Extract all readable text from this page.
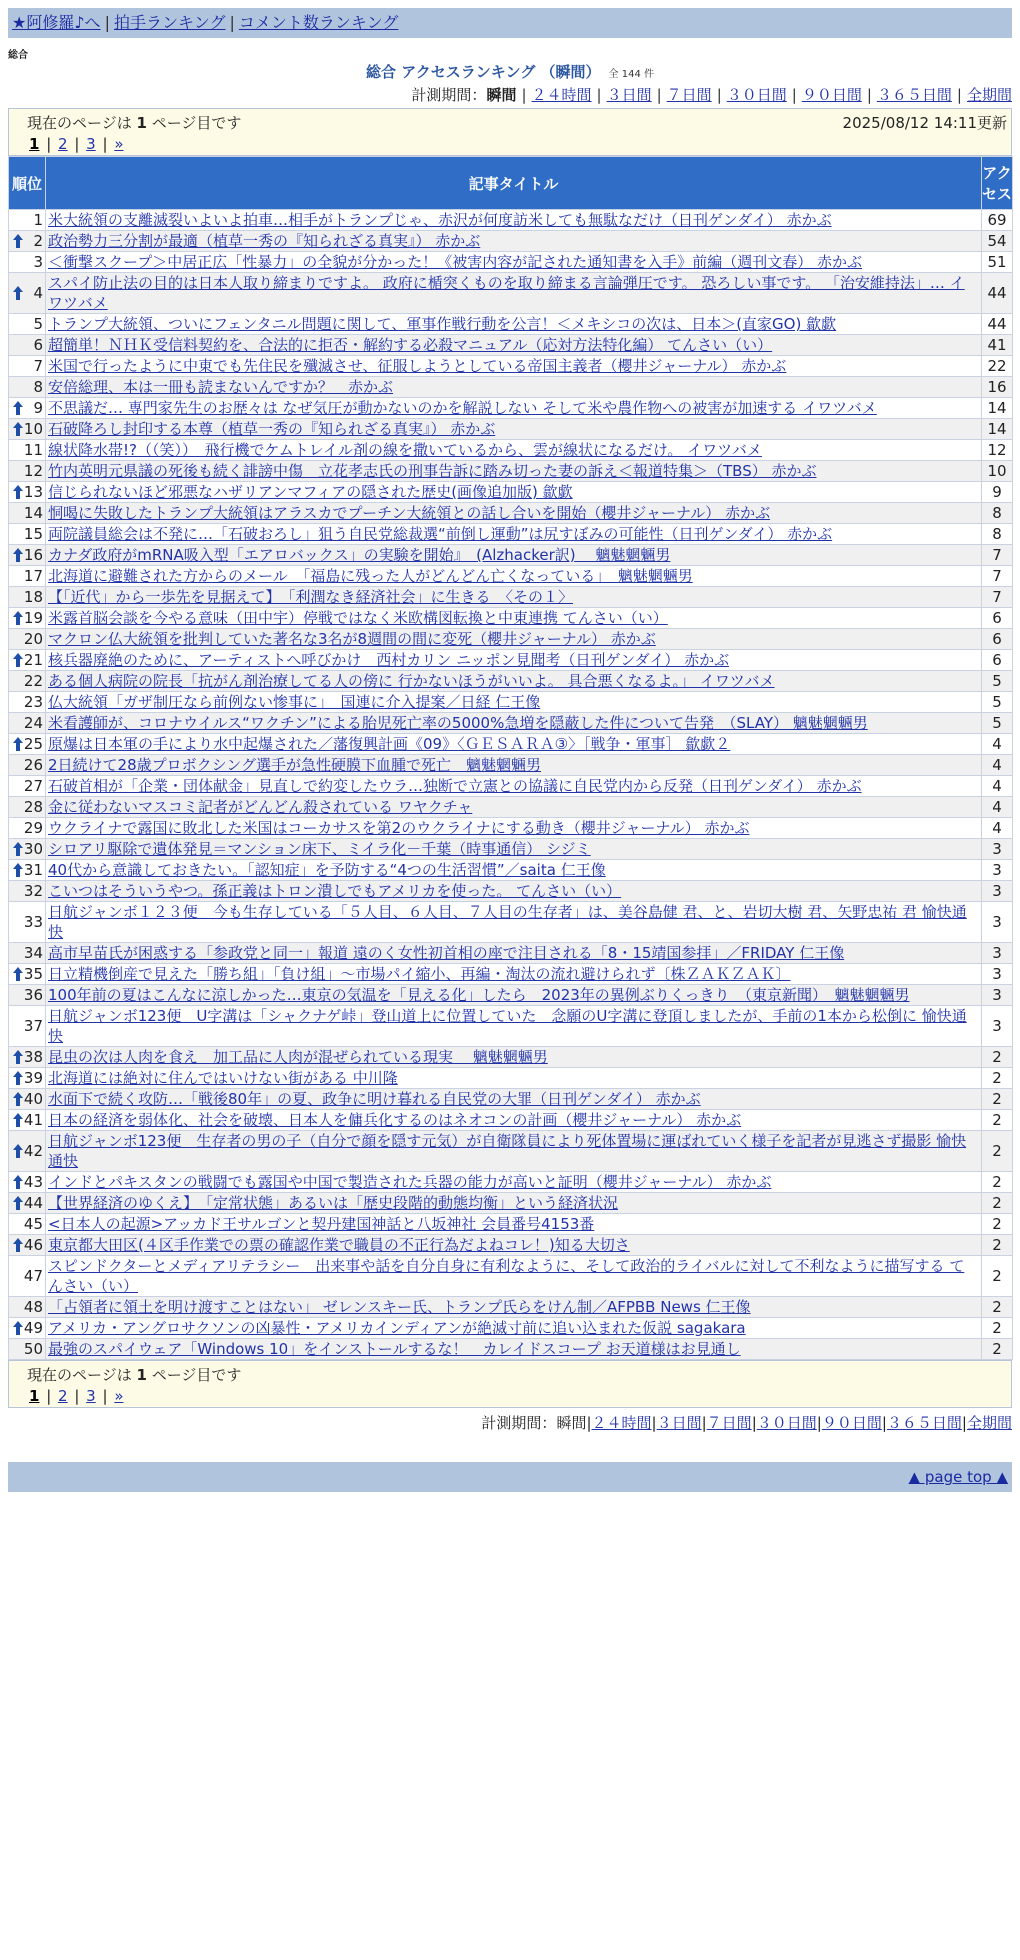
★阿修羅♪へ | 拍手ランキング | コメント数ランキング
総合
総合 アクセスランキング （瞬間） 全 144 件
計測期間：瞬間 | ２４時間 | ３日間 | ７日間 | ３０日間 | ９０日間 | ３６５日間 | 全期間
現在のページは 1 ページ目です	2025/08/12 14:11更新
1 | 2 | 3 | »
順位	記事タイトル	アクセス
1	米大統領の支離滅裂いよいよ拍車…相手がトランプじゃ、赤沢が何度訪米しても無駄なだけ（日刊ゲンダイ） 赤かぶ	69

2	政治勢力三分割が最適（植草一秀の『知られざる真実』） 赤かぶ	54
3	＜衝撃スクープ＞中居正広「性暴力」の全貌が分かった！《被害内容が記された通知書を入手》前編（週刊文春） 赤かぶ	51

4	スパイ防止法の目的は日本人取り締まりですよ。 政府に楯突くものを取り締まる言論弾圧です。 恐ろしい事です。 「治安維持法」… イワツバメ	44
5	トランプ大統領、ついにフェンタニル問題に関して、軍事作戦行動を公言！＜メキシコの次は、日本＞(直家GO) 歙歔	44
6	超簡単！ＮＨＫ受信料契約を、合法的に拒否・解約する必殺マニュアル（応対方法特化編） てんさい（い）	41
7	米国で行ったように中東でも先住民を殲滅させ、征服しようとしている帝国主義者（櫻井ジャーナル） 赤かぶ	22
8	安倍総理、本は一冊も読まないんですか？　赤かぶ	16

9	不思議だ… 専門家先生のお歴々は なぜ気圧が動かないのかを解説しない そして米や農作物への被害が加速する イワツバメ	14

10	石破降ろし封印する本尊（植草一秀の『知られざる真実』） 赤かぶ	14
11	線状降水帯!?（（笑））　飛行機でケムトレイル剤の線を撒いているから、雲が線状になるだけ。 イワツバメ	12
12	竹内英明元県議の死後も続く誹謗中傷　立花孝志氏の刑事告訴に踏み切った妻の訴え＜報道特集＞（TBS） 赤かぶ	10

13	信じられないほど邪悪なハザリアンマフィアの隠された歴史(画像追加版) 歙歔	9
14	恫喝に失敗したトランプ大統領はアラスカでプーチン大統領との話し合いを開始（櫻井ジャーナル） 赤かぶ	8
15	両院議員総会は不発に…「石破おろし」狙う自民党総裁選“前倒し運動”は尻すぼみの可能性（日刊ゲンダイ） 赤かぶ	8

16	カナダ政府がmRNA吸入型「エアロバックス」の実験を開始』　(Alzhacker訳)　 魑魅魍魎男	7
17	北海道に避難された方からのメール　「福島に残った人がどんどん亡くなっている」　魑魅魍魎男	7
18	【「近代」から一歩先を見据えて】　「利潤なき経済社会」に生きる　〈その１〉	7

19	米露首脳会談を今やる意味（田中宇）停戦ではなく米欧構図転換と中東連携 てんさい（い）	6
20	マクロン仏大統領を批判していた著名な3名が8週間の間に変死（櫻井ジャーナル） 赤かぶ	6

21	核兵器廃絶のために、アーティストへ呼びかけ　西村カリン ニッポン見聞考（日刊ゲンダイ） 赤かぶ	6
22	ある個人病院の院長「抗がん剤治療してる人の傍に 行かないほうがいいよ。 具合悪くなるよ。」 イワツバメ	5
23	仏大統領「ガザ制圧なら前例ない惨事に」　国連に介入提案／日経 仁王像	5
24	米看護師が、コロナウイルス“ワクチン”による胎児死亡率の5000%急増を隠蔽した件について告発　（SLAY） 魑魅魍魎男	5

25	原爆は日本軍の手により水中起爆された／藩復興計画《09》〈ＧＥＳＡＲＡ③〉［戦争・軍事］ 歙歔２	4
26	2日続けて28歳プロボクシング選手が急性硬膜下血腫で死亡　魑魅魍魎男	4
27	石破首相が「企業・団体献金」見直しで約変したウラ…独断で立憲との協議に自民党内から反発（日刊ゲンダイ） 赤かぶ	4
28	金に従わないマスコミ記者がどんどん殺されている ワヤクチャ	4
29	ウクライナで露国に敗北した米国はコーカサスを第2のウクライナにする動き（櫻井ジャーナル） 赤かぶ	4

30	シロアリ駆除で遺体発見＝マンション床下、ミイラ化－千葉（時事通信） シジミ	3

31	40代から意識しておきたい。「認知症」を予防する“4つの生活習慣”／saita 仁王像	3
32	こいつはそういうやつ。孫正義はトロン潰しでもアメリカを使った。 てんさい（い）	3
33	日航ジャンボ１２３便　今も生存している「５人目、６人目、７人目の生存者」は、美谷島健 君、と、岩切大樹 君、矢野忠祐 君 愉快通快	3
34	高市早苗氏が困惑する「参政党と同一」報道 遠のく女性初首相の座で注目される「8・15靖国参拝」／FRIDAY 仁王像	3

35	日立精機倒産で見えた「勝ち組」「負け組」～市場パイ縮小、再編・淘汰の流れ避けられず〔株ＺＡＫＺＡＫ〕	3
36	100年前の夏はこんなに涼しかった…東京の気温を「見える化」したら　2023年の異例ぶりくっきり　（東京新聞）　魑魅魍魎男	3
37	日航ジャンボ123便　U字溝は「シャクナゲ峠」登山道上に位置していた　念願のU字溝に登頂しましたが、手前の1本から松倒に 愉快通快	3

38	昆虫の次は人肉を食え　加工品に人肉が混ぜられている現実　 魑魅魍魎男	2

39	北海道には絶対に住んではいけない街がある 中川隆	2

40	水面下で続く攻防…「戦後80年」の夏、政争に明け暮れる自民党の大罪（日刊ゲンダイ） 赤かぶ	2

41	日本の経済を弱体化、社会を破壊、日本人を傭兵化するのはネオコンの計画（櫻井ジャーナル） 赤かぶ	2

42	日航ジャンボ123便　生存者の男の子（自分で顔を隠す元気）が自衛隊員により死体置場に運ばれていく様子を記者が見逃さず撮影 愉快通快	2

43	インドとパキスタンの戦闘でも露国や中国で製造された兵器の能力が高いと証明（櫻井ジャーナル） 赤かぶ	2

44	【世界経済のゆくえ】　「定常状態」あるいは「歴史段階的動態均衡」という経済状況	2
45	<日本人の起源>アッカド王サルゴンと契丹建国神話と八坂神社 会員番号4153番	2

46	東京都大田区(４区手作業での票の確認作業で職員の不正行為だよねコレ！)知る大切さ	2
47	スピンドクターとメディアリテラシー　出来事や話を自分自身に有利なように、そして政治的ライバルに対して不利なように描写する てんさい（い）	2
48	「占領者に領土を明け渡すことはない」 ゼレンスキー氏、トランプ氏らをけん制／AFPBB News 仁王像	2

49	アメリカ・アングロサクソンの凶暴性・アメリカインディアンが絶滅寸前に追い込まれた仮説 sagakara	2
50	最強のスパイウェア「Windows 10」をインストールするな！　カレイドスコープ お天道様はお見通し	2
現在のページは 1 ページ目です
1 | 2 | 3 | »
計測期間：瞬間|２４時間|３日間|７日間|３０日間|９０日間|３６５日間|全期間
▲ page top ▲
